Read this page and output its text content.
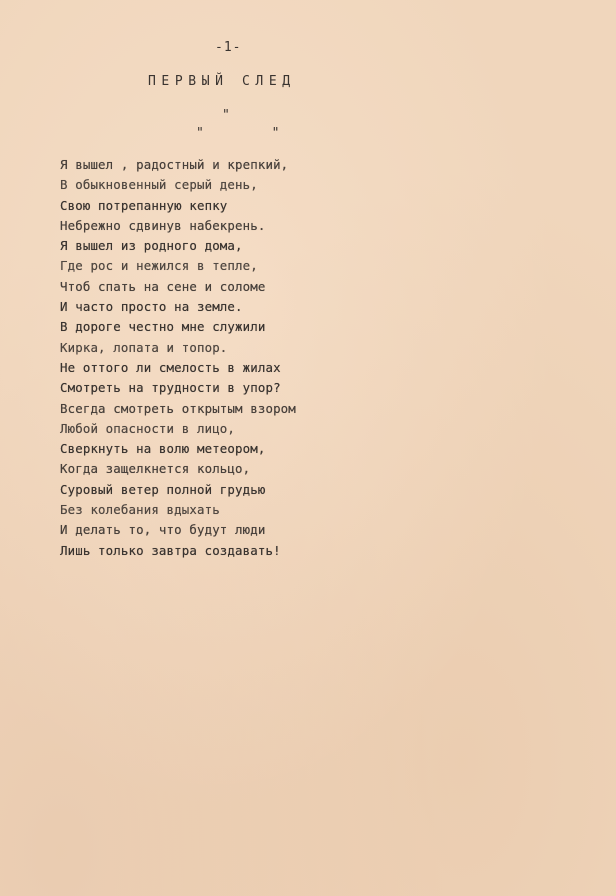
-1-
ПЕРВЫЙ СЛЕД
"
" "
Я вышел , радостный и крепкий,
В обыкновенный серый день,
Свою потрепанную кепку
Небрежно сдвинув набекрень.
Я вышел из родного дома,
Где рос и нежился в тепле,
Чтоб спать на сене и соломе
И часто просто на земле.
В дороге честно мне служили
Кирка, лопата и топор.
Не оттого ли смелость в жилах
Смотреть на трудности в упор?
Всегда смотреть открытым взором
Любой опасности в лицо,
Сверкнуть на волю метеором,
Когда защелкнется кольцо,
Суровый ветер полной грудью
Без колебания вдыхать
И делать то, что будут люди
Лишь только завтра создавать!
